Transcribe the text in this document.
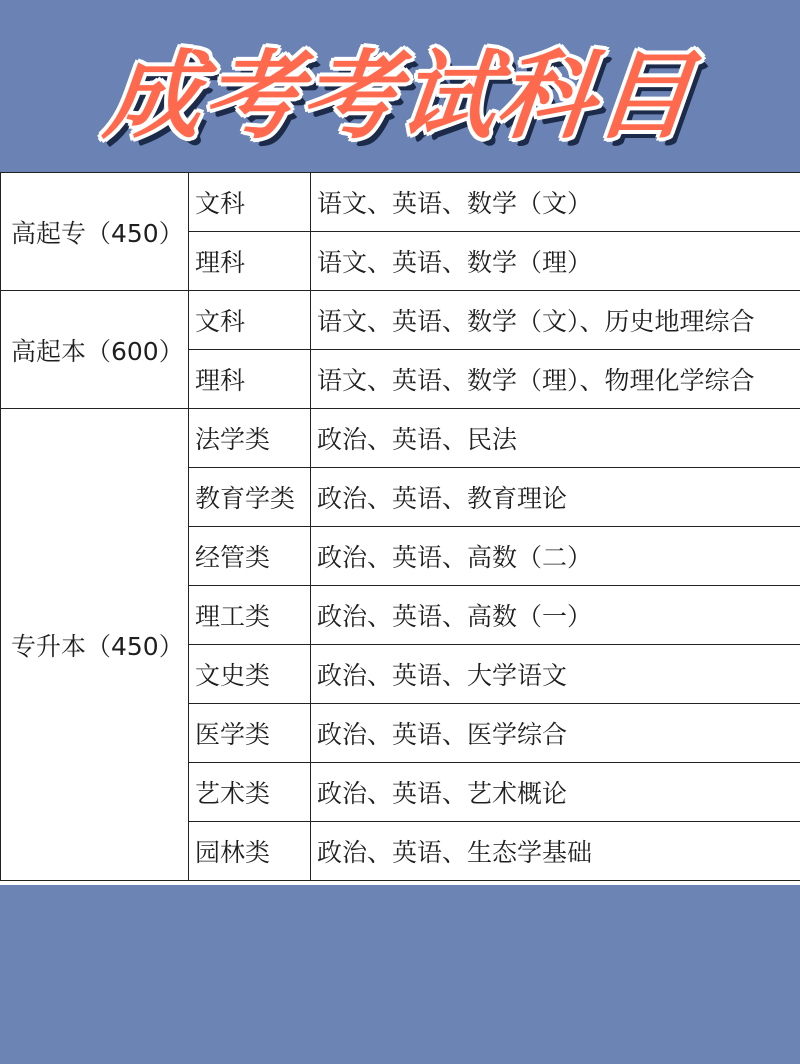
成考考试科目
高起专（450）	文科	语文、英语、数学（文）
	理科	语文、英语、数学（理）
高起本（600）	文科	语文、英语、数学（文）、历史地理综合
	理科	语文、英语、数学（理）、物理化学综合
专升本（450）	法学类	政治、英语、民法
	教育学类	政治、英语、教育理论
	经管类	政治、英语、高数（二）
	理工类	政治、英语、高数（一）
	文史类	政治、英语、大学语文
	医学类	政治、英语、医学综合
	艺术类	政治、英语、艺术概论
	园林类	政治、英语、生态学基础
